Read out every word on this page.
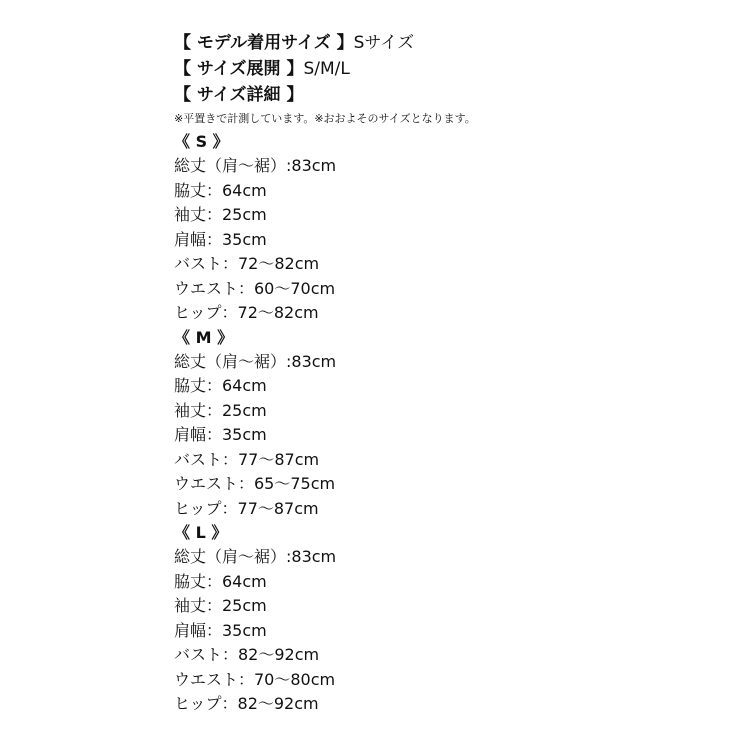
【 モデル着用サイズ 】Sサイズ
【 サイズ展開 】S/M/L
【 サイズ詳細 】
※平置きで計測しています。※おおよそのサイズとなります。
《 S 》
総丈（肩〜裾）:83cm
脇丈：64cm
袖丈：25cm
肩幅：35cm
バスト：72〜82cm
ウエスト：60〜70cm
ヒップ：72〜82cm
《 M 》
総丈（肩〜裾）:83cm
脇丈：64cm
袖丈：25cm
肩幅：35cm
バスト：77〜87cm
ウエスト：65〜75cm
ヒップ：77〜87cm
《 L 》
総丈（肩〜裾）:83cm
脇丈：64cm
袖丈：25cm
肩幅：35cm
バスト：82〜92cm
ウエスト：70〜80cm
ヒップ：82〜92cm
